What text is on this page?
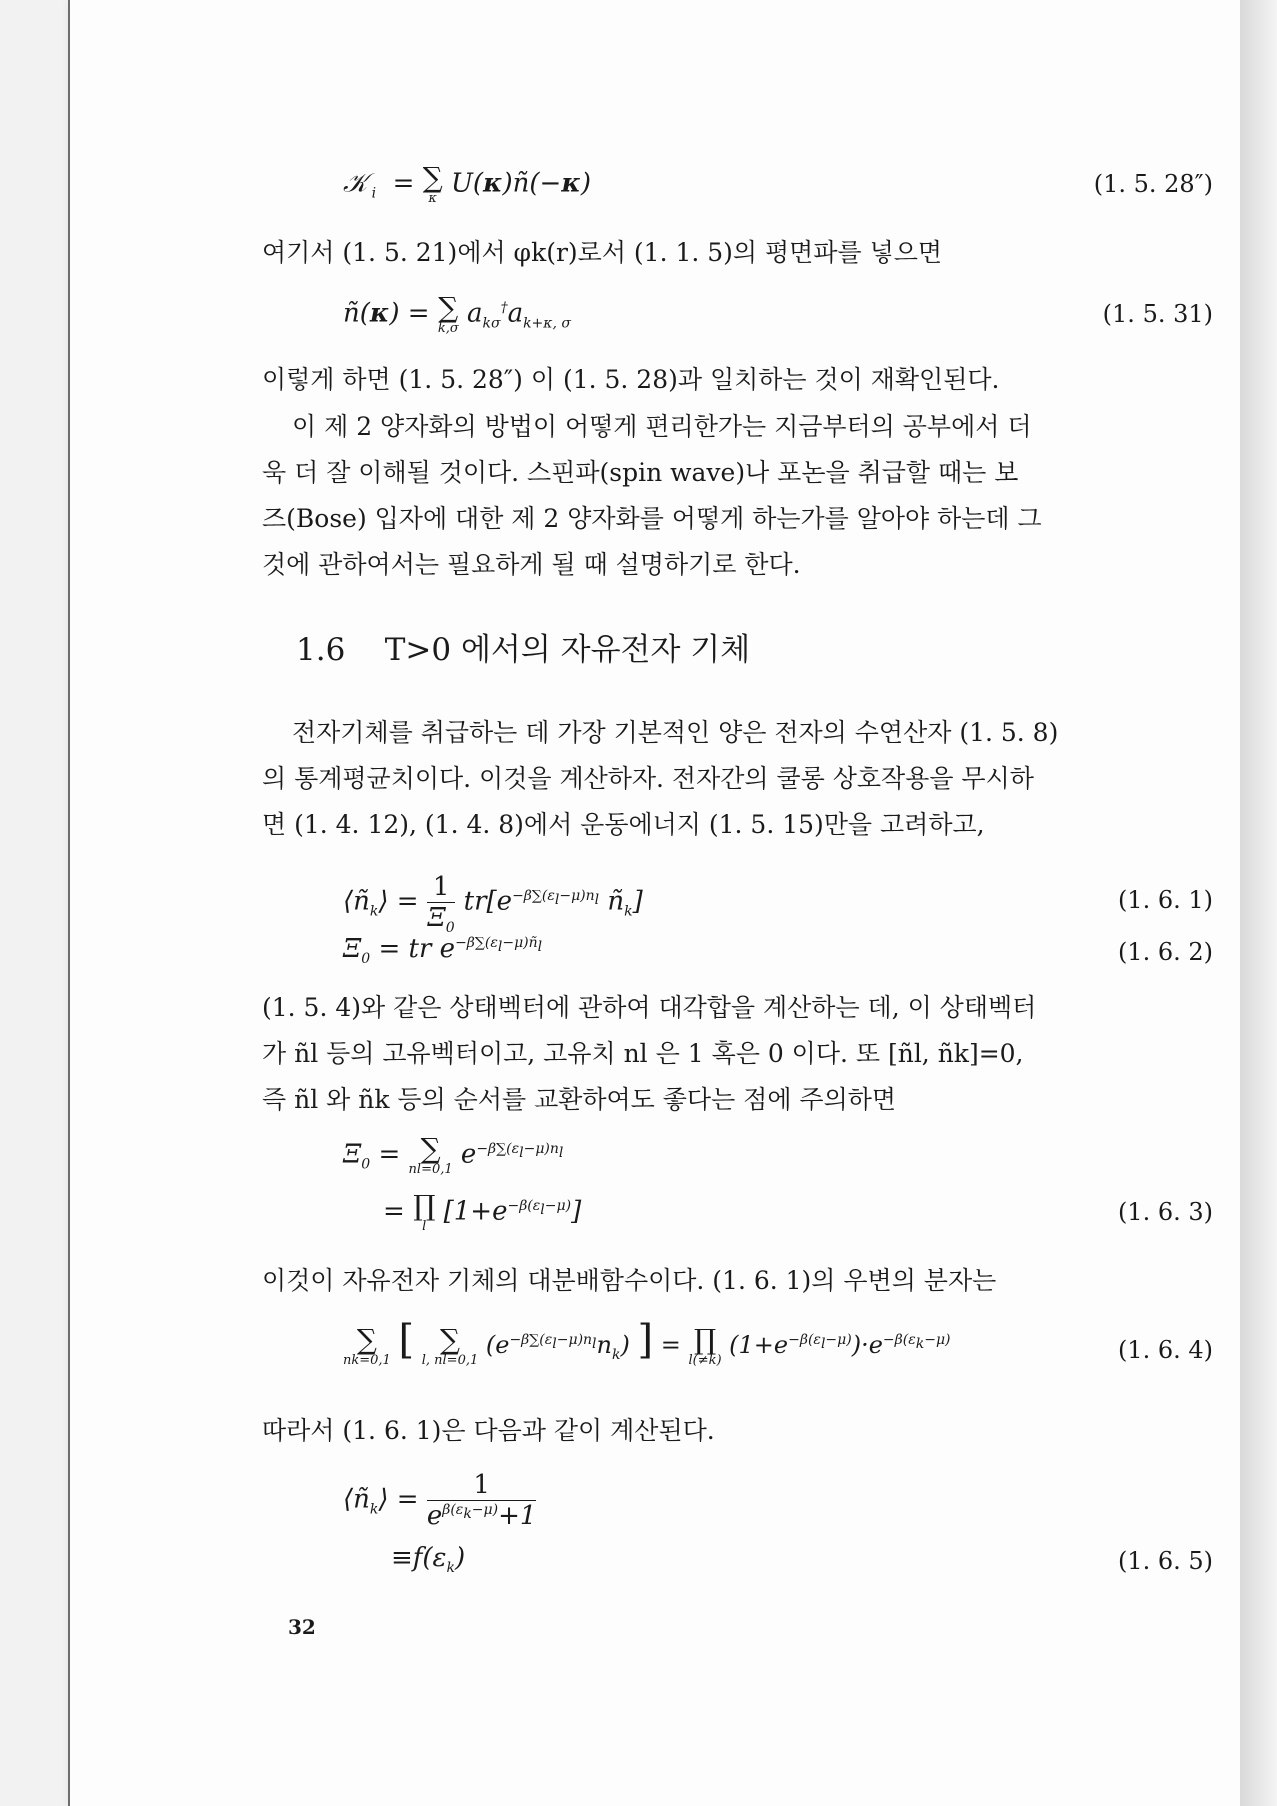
𝒦 $_i$  = ∑
κ U(κ)ñ(−κ)	(1. 5. 28″)
여기서 (1. 5. 21)에서 φk(r)로서 (1. 1. 5)의 평면파를 넣으면
ñ(κ) = ∑
k,σ $a_{k\sigma}^\dagger a_{k+\kappa, \sigma}$	(1. 5. 31)
이렇게 하면 (1. 5. 28″) 이 (1. 5. 28)과 일치하는 것이 재확인된다.
이 제 2 양자화의 방법이 어떻게 편리한가는 지금부터의 공부에서 더
욱 더 잘 이해될 것이다. 스핀파(spin wave)나 포논을 취급할 때는 보
즈(Bose) 입자에 대한 제 2 양자화를 어떻게 하는가를 알아야 하는데 그
것에 관하여서는 필요하게 될 때 설명하기로 한다.
1.6 T>0 에서의 자유전자 기체
전자기체를 취급하는 데 가장 기본적인 양은 전자의 수연산자 (1. 5. 8)
의 통계평균치이다. 이것을 계산하자. 전자간의 쿨롱 상호작용을 무시하
면 (1. 4. 12), (1. 4. 8)에서 운동에너지 (1. 5. 15)만을 고려하고,
$⟨ñ_k⟩ = \frac{1}{\Xi_0} tr[e^{-\beta\sum(\varepsilon_l-\mu)n_l}$ $ñ_k$]	(1. 6. 1)
$\Xi_0$ = tr $e^{-\beta\sum(\varepsilon_l-\mu)ñ_l}$	(1. 6. 2)
(1. 5. 4)와 같은 상태벡터에 관하여 대각합을 계산하는 데, 이 상태벡터
가 ñl 등의 고유벡터이고, 고유치 nl 은 1 혹은 0 이다. 또 [ñl, ñk]=0,
즉 ñl 와 ñk 등의 순서를 교환하여도 좋다는 점에 주의하면
$\Xi_0$ = ∑
nl=0,1 $e^{-\beta\sum(\varepsilon_l-\mu)n_l}$
= ∏
l $[1+e^{-\beta(\varepsilon_l-\mu)}]$	(1. 6. 3)
이것이 자유전자 기체의 대분배함수이다. (1. 6. 1)의 우변의 분자는
∑
nk=0,1 [ ∑
l, nl=0,1
$(e^{-\beta\sum(\varepsilon_l-\mu)n_l}n_k)$ ] = ∏
l(≠k)
$(1+e^{-\beta(\varepsilon_l-\mu)})\cdot e^{-\beta(\varepsilon_k-\mu)}$	(1. 6. 4)
따라서 (1. 6. 1)은 다음과 같이 계산된다.
$⟨ñ_k⟩ = \frac{1}{e^{\beta(\varepsilon_k-\mu)}+1}$
$\equiv f(\varepsilon_k)$	(1. 6. 5)
32
